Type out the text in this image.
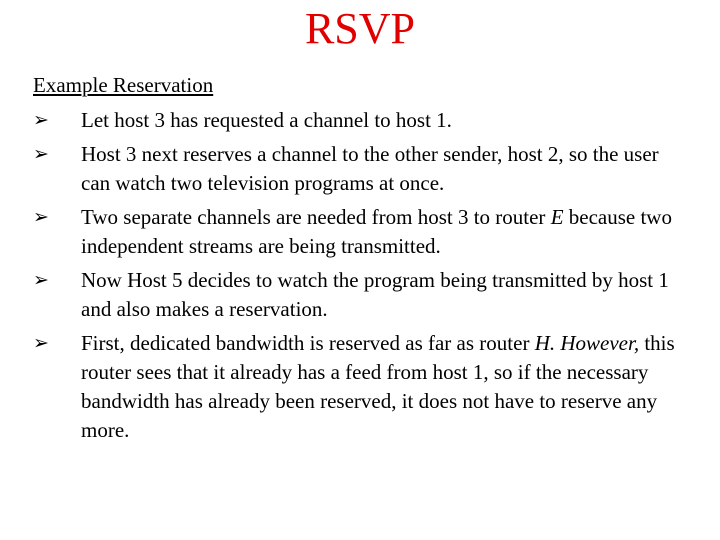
RSVP
Example Reservation
➢	Let host 3 has requested a channel to host 1.
➢	Host 3 next reserves a channel to the other sender, host 2, so the user can watch two television programs at once.
➢	Two separate channels are needed from host 3 to router E because two independent streams are being transmitted.
➢	Now Host 5 decides to watch the program being transmitted by host 1 and also makes a reservation.
➢	First, dedicated bandwidth is reserved as far as router H. However, this router sees that it already has a feed from host 1, so if the necessary bandwidth has already been reserved, it does not have to reserve any more.
